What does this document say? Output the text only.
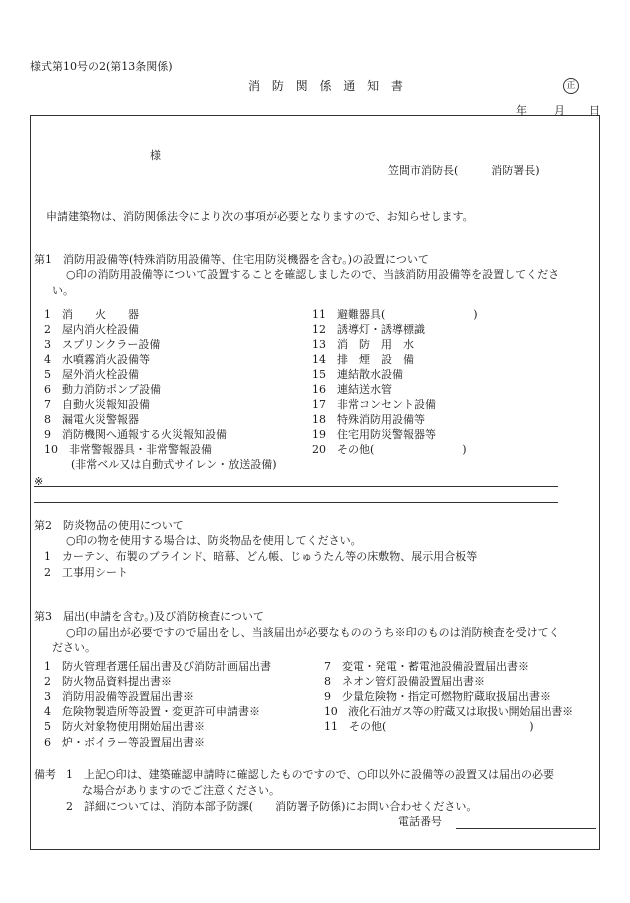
様式第10号の2(第13条関係)
消 防 関 係 通 知 書	正
年 月 日
様
笠間市消防長(　　　消防署長)
申請建築物は、消防関係法令により次の事項が必要となりますので、お知らせします。
第1　消防用設備等(特殊消防用設備等、住宅用防災機器を含む。)の設置について
○印の消防用設備等について設置することを確認しましたので、当該消防用設備等を設置してくださ
い。
1　消　　火　　器
2　屋内消火栓設備
3　スプリンクラー設備
4　水噴霧消火設備等
5　屋外消火栓設備
6　動力消防ポンプ設備
7　自動火災報知設備
8　漏電火災警報器
9　消防機関へ通報する火災報知設備
10　非常警報器具・非常警報設備
　(非常ベル又は自動式サイレン・放送設備)
11　避難器具(　　　　　　　　)
12　誘導灯・誘導標識
13　消　防　用　水
14　排　煙　設　備
15　連結散水設備
16　連結送水管
17　非常コンセント設備
18　特殊消防用設備等
19　住宅用防災警報器等
20　その他(　　　　　　　　)
※
第2　防炎物品の使用について
○印の物を使用する場合は、防炎物品を使用してください。
1　カーテン、布製のブラインド、暗幕、どん帳、じゅうたん等の床敷物、展示用合板等
2　工事用シート
第3　届出(申請を含む。)及び消防検査について
○印の届出が必要ですので届出をし、当該届出が必要なもののうち※印のものは消防検査を受けてく
ださい。
1　防火管理者選任届出書及び消防計画届出書
2　防火物品資料提出書※
3　消防用設備等設置届出書※
4　危険物製造所等設置・変更許可申請書※
5　防火対象物使用開始届出書※
6　炉・ボイラー等設置届出書※
7　変電・発電・蓄電池設備設置届出書※
8　ネオン管灯設備設置届出書※
9　少量危険物・指定可燃物貯蔵取扱届出書※
10　液化石油ガス等の貯蔵又は取扱い開始届出書※
11　その他(　　　　　　　　　　　　　)
備考 1　上記○印は、建築確認申請時に確認したものですので、○印以外に設備等の設置又は届出の必要
な場合がありますのでご注意ください。
2　詳細については、消防本部予防課(　　消防署予防係)にお問い合わせください。
電話番号
